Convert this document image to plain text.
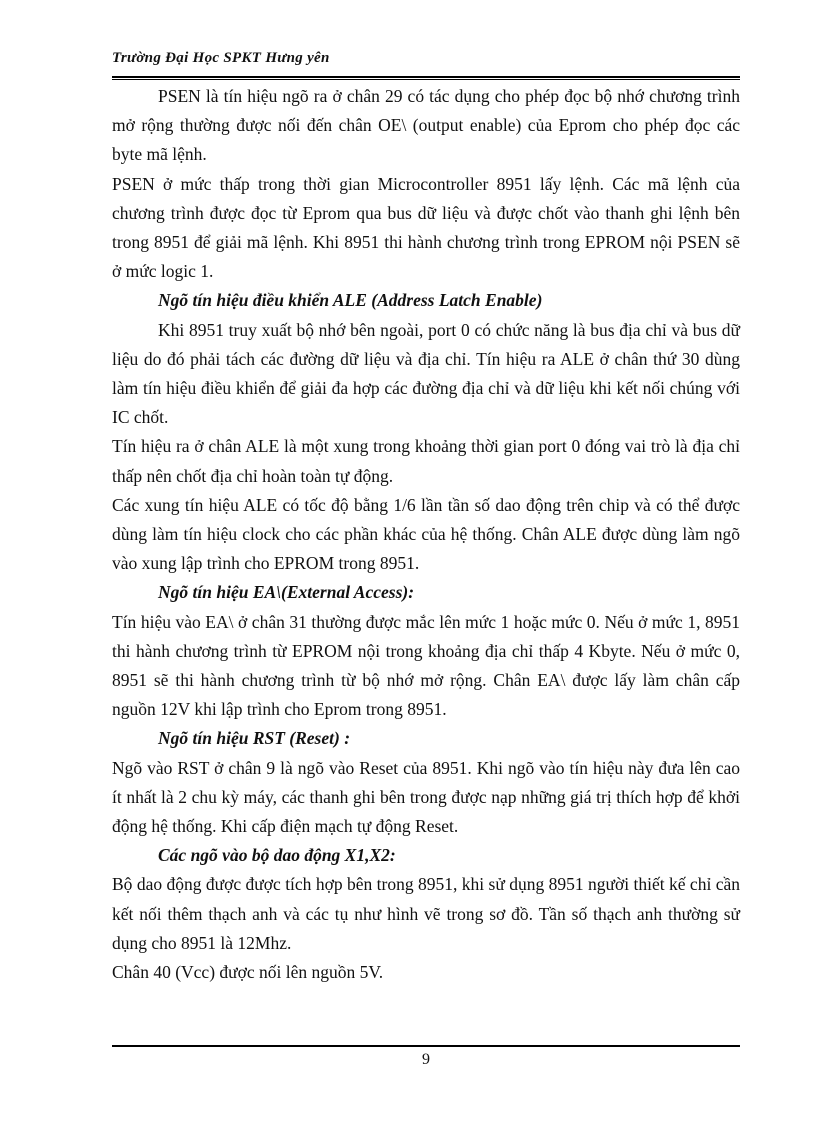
Trường Đại Học SPKT Hưng yên

PSEN là tín hiệu ngõ ra ở chân 29 có tác dụng cho phép đọc bộ nhớ chương trình mở rộng thường được nối đến chân OE\ (output enable) của Eprom cho phép đọc các byte mã lệnh.

PSEN ở mức thấp trong thời gian Microcontroller 8951 lấy lệnh. Các mã lệnh của chương trình được đọc từ Eprom qua bus dữ liệu và được chốt vào thanh ghi lệnh bên trong 8951 để giải mã lệnh. Khi 8951 thi hành chương trình trong EPROM nội PSEN sẽ ở mức logic 1.

Ngõ tín hiệu điều khiển ALE (Address Latch Enable)

Khi 8951 truy xuất bộ nhớ bên ngoài, port 0 có chức năng là bus địa chỉ và bus dữ liệu do đó phải tách các đường dữ liệu và địa chỉ. Tín hiệu ra ALE ở chân thứ 30 dùng làm tín hiệu điều khiển để giải đa hợp các đường địa chỉ và dữ liệu khi kết nối chúng với IC chốt.

Tín hiệu ra ở chân ALE là một xung trong khoảng thời gian port 0 đóng vai trò là địa chỉ thấp nên chốt địa chỉ hoàn toàn tự động.

Các xung tín hiệu ALE có tốc độ bằng 1/6 lần tần số dao động trên chip và có thể được dùng làm tín hiệu clock cho các phần khác của hệ thống. Chân ALE được dùng làm ngõ vào xung lập trình cho EPROM trong 8951.

Ngõ tín hiệu EA\(External Access):

Tín hiệu vào EA\ ở chân 31 thường được mắc lên mức 1 hoặc mức 0. Nếu ở mức 1, 8951 thi hành chương trình từ EPROM nội trong khoảng địa chỉ thấp 4 Kbyte. Nếu ở mức 0, 8951 sẽ thi hành chương trình từ bộ nhớ mở rộng. Chân EA\ được lấy làm chân cấp nguồn 12V khi lập trình cho Eprom trong 8951.

Ngõ tín hiệu RST (Reset) :

Ngõ vào RST ở chân 9 là ngõ vào Reset của 8951. Khi ngõ vào tín hiệu này đưa lên cao ít nhất là 2 chu kỳ máy, các thanh ghi bên trong được nạp những giá trị thích hợp để khởi động hệ thống. Khi cấp điện mạch tự động Reset.

Các ngõ vào bộ dao động X1,X2:

Bộ dao động được được tích hợp bên trong 8951, khi sử dụng 8951 người thiết kế chỉ cần kết nối thêm thạch anh và các tụ như hình vẽ trong sơ đồ. Tần số thạch anh thường sử dụng cho 8951 là 12Mhz.

Chân 40 (Vcc) được nối lên nguồn 5V.

9
